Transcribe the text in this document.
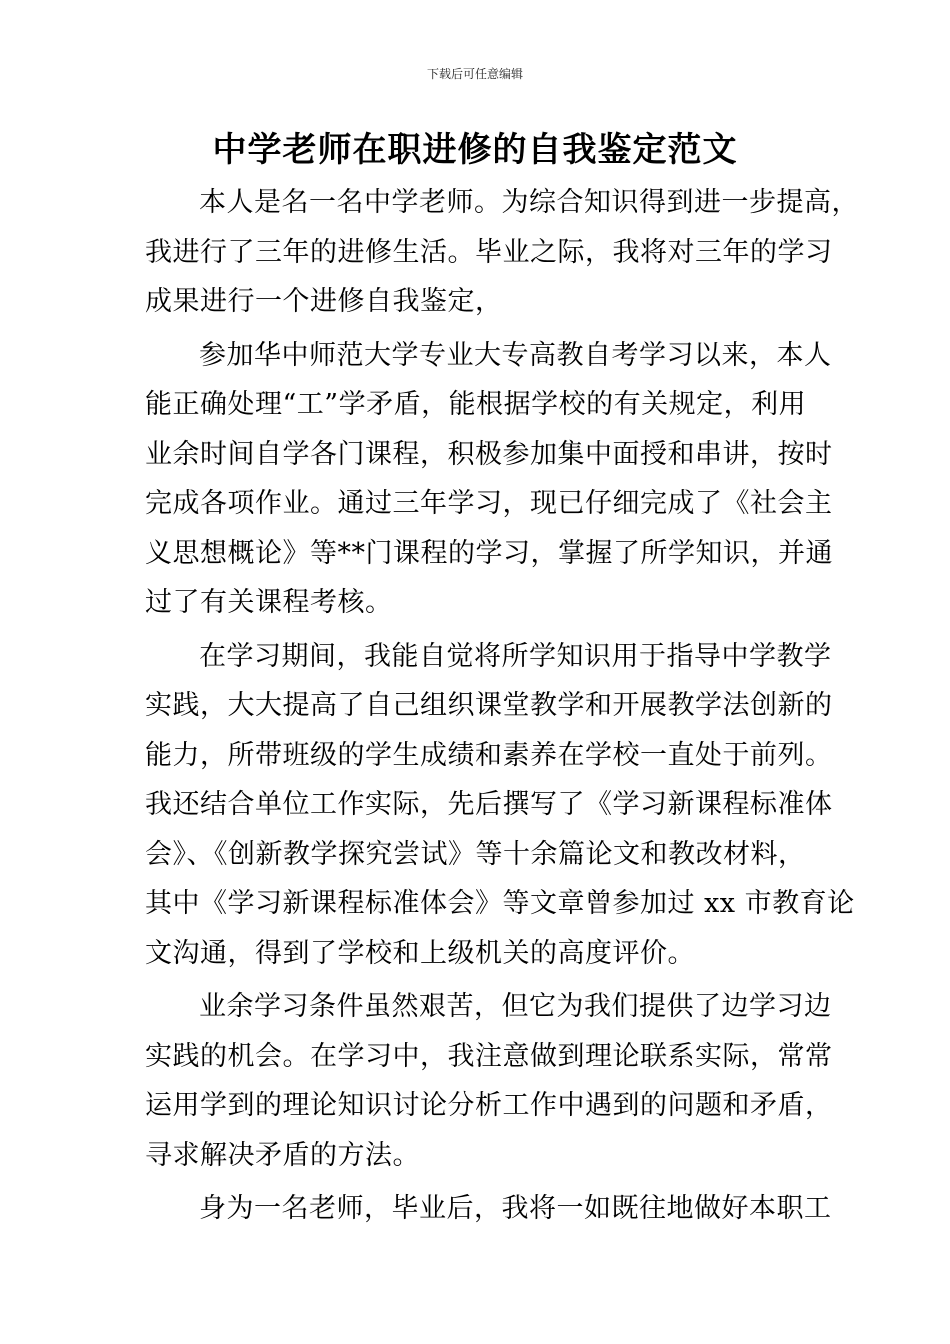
下载后可任意编辑
中学老师在职进修的自我鉴定范文
本人是名一名中学老师。为综合知识得到进一步提高，
我进行了三年的进修生活。毕业之际，我将对三年的学习
成果进行一个进修自我鉴定，
参加华中师范大学专业大专高教自考学习以来，本人
能正确处理“工”学矛盾，能根据学校的有关规定，利用
业余时间自学各门课程，积极参加集中面授和串讲，按时
完成各项作业。通过三年学习，现已仔细完成了《社会主
义思想概论》等**门课程的学习，掌握了所学知识，并通
过了有关课程考核。
在学习期间，我能自觉将所学知识用于指导中学教学
实践，大大提高了自己组织课堂教学和开展教学法创新的
能力，所带班级的学生成绩和素养在学校一直处于前列。
我还结合单位工作实际，先后撰写了《学习新课程标准体
会》、《创新教学探究尝试》等十余篇论文和教改材料，
其中《学习新课程标准体会》等文章曾参加过 xx 市教育论
文沟通，得到了学校和上级机关的高度评价。
业余学习条件虽然艰苦，但它为我们提供了边学习边
实践的机会。在学习中，我注意做到理论联系实际，常常
运用学到的理论知识讨论分析工作中遇到的问题和矛盾，
寻求解决矛盾的方法。
身为一名老师，毕业后，我将一如既往地做好本职工
